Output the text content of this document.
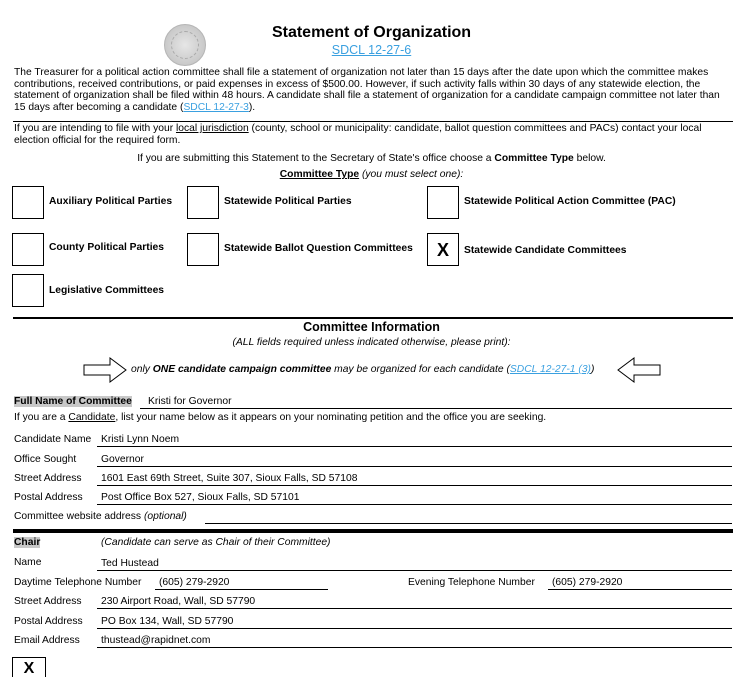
Statement of Organization
SDCL 12-27-6
The Treasurer for a political action committee shall file a statement of organization not later than 15 days after the date upon which the committee makes contributions, received contributions, or paid expenses in excess of $500.00. However, if such activity falls within 30 days of any statewide election, the statement of organization shall be filed within 48 hours. A candidate shall file a statement of organization for a candidate campaign committee not later than 15 days after becoming a candidate (SDCL 12-27-3).
If you are intending to file with your local jurisdiction (county, school or municipality: candidate, ballot question committees and PACs) contact your local election official for the required form.
If you are submitting this Statement to the Secretary of State's office choose a Committee Type below.
Committee Type (you must select one):
Auxiliary Political Parties	Statewide Political Parties	Statewide Political Action Committee (PAC)
County Political Parties	Statewide Ballot Question Committees	X	Statewide Candidate Committees
Legislative Committees
Committee Information
(ALL fields required unless indicated otherwise, please print):
only ONE candidate campaign committee may be organized for each candidate (SDCL 12-27-1 (3))
Full Name of Committee Kristi for Governor
If you are a Candidate, list your name below as it appears on your nominating petition and the office you are seeking.
Candidate Name Kristi Lynn Noem
Office Sought Governor
Street Address 1601 East 69th Street, Suite 307, Sioux Falls, SD 57108
Postal Address Post Office Box 527, Sioux Falls, SD 57101
Committee website address (optional)
Chair	(Candidate can serve as Chair of their Committee)
Name	Ted Hustead
Daytime Telephone Number (605) 279-2920	Evening Telephone Number (605) 279-2920
Street Address 230 Airport Road, Wall, SD 57790
Postal Address PO Box 134, Wall, SD 57790
Email Address thustead@rapidnet.com
X
